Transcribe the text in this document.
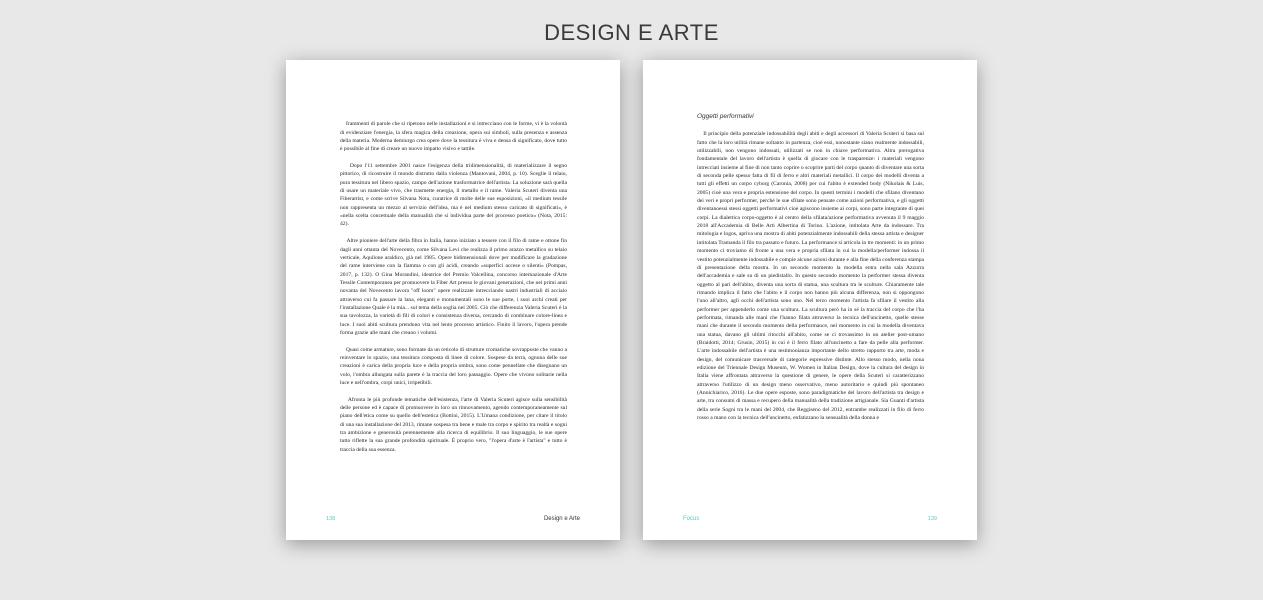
DESIGN E ARTE

frammenti di parole che si ripetono nelle installazioni e si intrecciano con le forme, vi è la volontà di evidenziare l'energia, la sfera magica della creazione, opera sui simboli, sulla presenza e assenza della materia. Moderna demiurgo crea opere dove la tessitura è viva e densa di significato, dove tutto è possibile al fine di creare un nuovo impatto visivo e tattile.

Dopo l'11 settembre 2001 nasce l'esigenza della tridimensionalità, di materializzare il segno pittorico, di ricostruire il mondo distrutto dalla violenza (Mantovani, 2004, p. 10). Sceglie il telaio, pura tessitura nel libero spazio, campo dell'azione trasformatrice dell'artista. La soluzione sarà quella di usare un materiale vivo, che trasmette energia, il metallo e il rame. Valeria Scuteri diventa una Fiberartist, e come scrive Silvana Nota, curatrice di molte delle sue esposizioni, «il medium tessile non rappresenta un mezzo al servizio dell'idea, ma è nel medium stesso caricato di significati», è «nella scelta concettuale della manualità che si individua parte del processo poetico» (Nota, 2015: 42).

Altre pioniere dell'arte della fibra in Italia, hanno iniziato a tessere con il filo di rame e ottone fin dagli anni ottanta del Novecento, come Silvana Levi che realizza il primo arazzo metallico su telaio verticale, Aquilone araldico, già nel 1985. Opere bidimensionali dove per modificare la gradazione del rame interviene con la fiamma o con gli acidi, creando «superfici accese o silenti» (Pompas, 2017, p. 132). O Gina Morandini, ideatrice del Premio Valcellina, concorso internazionale d'Arte Tessile Contemporanea per promuovere la Fiber Art presso le giovani generazioni, che nei primi anni novanta del Novecento lavora "off loom" opere realizzate intrecciando nastri industriali di acciaio attraverso cui fa passare la lana, eleganti e monumentali sono le sue porte, i suoi archi creati per l'installazione Quale è la mia... sul tema della soglia nel 2005. Ciò che differenzia Valeria Scuteri è la sua tavolozza, la varietà di fili di colori e consistenza diversa, cercando di combinare colore-linea e luce. I suoi abiti scultura prendono vita nel lento processo artistico. Finito il lavoro, l'opera prende forma grazie alle mani che creano i volumi.

Quasi come armature, sono formate da un reticolo di strutture cromatiche sovrapposte che vanno a reinventare lo spazio, una tessitura composta di linee di colore. Sospese da terra, ognuna delle sue creazioni è carica della propria luce e della propria ombra, sono come pennellate che disegnano un volo, l'ombra allungata sulla parete è la traccia del loro passaggio. Opere che vivono solitarie nella luce e nell'ombra, corpi unici, irripetibili.

Afronta le più profonde tematiche dell'esistenza, l'arte di Valeria Scuteri agisce sulla sensibilità delle persone ed è capace di promuovere in loro un rinnovamento, agendo contemporaneamente sul piano dell'etica come su quello dell'estetica (Bottini, 2015). L'Umana condizione, per citare il titolo di una sua installazione del 2013, rimane sospesa tra bene e male tra corpo e spirito tra realtà e sogni tra ambizione e generosità perennemente alla ricerca di equilibrio. Il suo linguaggio, le sue opere tutto riflette la sua grande profondità spirituale. È proprio vero, "l'opera d'arte è l'artista" e tutto è traccia della sua essenza.

138	Design e Arte
Oggetti performativi

Il principio della potenziale indossabilità degli abiti e degli accessori di Valeria Scuteri si basa sul fatto che la loro utilità rimane soltanto in partenza, cioè essi, nonostante siano realmente indossabili, utilizzabili, non vengono indossati, utilizzati se non in chiave performativa. Altra prerogativa fondamentale del lavoro dell'artista è quella di giocare con le trasparenze: i materiali vengono intrecciati insieme al fine di non tanto coprire o scoprire parti del corpo quanto di diventare una sorta di seconda pelle spesso fatta di fil di ferro e altri materiali metallici. Il corpo dei modelli diventa a tutti gli effetti un corpo cyborg (Caronia, 2008) per cui l'abito è extended body (Nikolais & Luis, 2005) cioè una vera e propria estensione del corpo. In questi termini i modelli che sfilano diventano dei veri e propri performer, perché le sue sfilate sono pensate come azioni performativa, e gli oggetti diventanoessi stessi oggetti performativi cioè agiscono insieme ai corpi, sono parte integrante di quei corpi. La dialettica corpo-oggetto è al centro della sfilata/azione performativa avvenuta il 9 maggio 2018 all'Accademia di Belle Arti Albertina di Torino. L'azione, intitolata Arte da indossare. Tra mitologia e logos, apriva una mostra di abiti potenzialmente indossabili della stessa artista e designer intitolata Tramanda il filo tra passato e futuro. La performance si articola in tre momenti: in un primo momento ci troviamo di fronte a una vera e propria sfilata in cui la modella/performer indossa il vestito potenzialmente indossabile e compie alcune azioni durante e alla fine della conferenza stampa di presentazione della mostra. In un secondo momento la modella entra nella sala Azzurra dell'accademia e sale su di un piedistallo. In questo secondo momento la performer stessa diventa oggetto al pari dell'abito, diventa una sorta di statua, una scultura tra le sculture. Chiaramente tale rimando implica il fatto che l'abito e il corpo non hanno più alcuna differenza, non si oppongono l'uno all'altro, agli occhi dell'artista sono uno. Nel terzo momento l'artista fa sfilare il vestito alla performer per appenderlo come una scultura. La scultura però ha in sé la traccia del corpo che l'ha performata, rimanda alle mani che l'hanno filata attraverso la tecnica dell'uncinetto, quelle stesse mani che durante il secondo momento della performance, nel momento in cui la modella diventava una statua, davano gli ultimi ritocchi all'abito, come se ci trovassimo in un atelier post-umano (Braidotti, 2014; Grusin, 2015) in cui è il ferro filato all'uncinetto a fare da pelle alla performer. L'arte indossabile dell'artista è una testimonianza importante dello stretto rapporto tra arte, moda e design, del comunicare trasversale di categorie espressive distinte. Allo stesso modo, nella nona edizione del Triennale Design Museum, W. Women in Italian Design, dove la cultura del design in Italia viene affrontata attraverso la questione di genere, le opere della Scuteri si caratterizzano attraverso l'utilizzo di un design meno osservativo, meno autoritario e quindi più spontaneo (Annichiarico, 2016). Le due opere esposte, sono paradigmatiche del lavoro dell'artista tra design e arte, tra consumi di massa e recupero della manualità della tradizione artigianale. Sia Guanti d'artista della serie Sogni tra le mani del 2004, che Reggiseno del 2012, entrambe realizzati in filo di ferro rosso a mano con la tecnica dell'uncinetto, enfatizzano la sensualità della donna e

Focus	139
